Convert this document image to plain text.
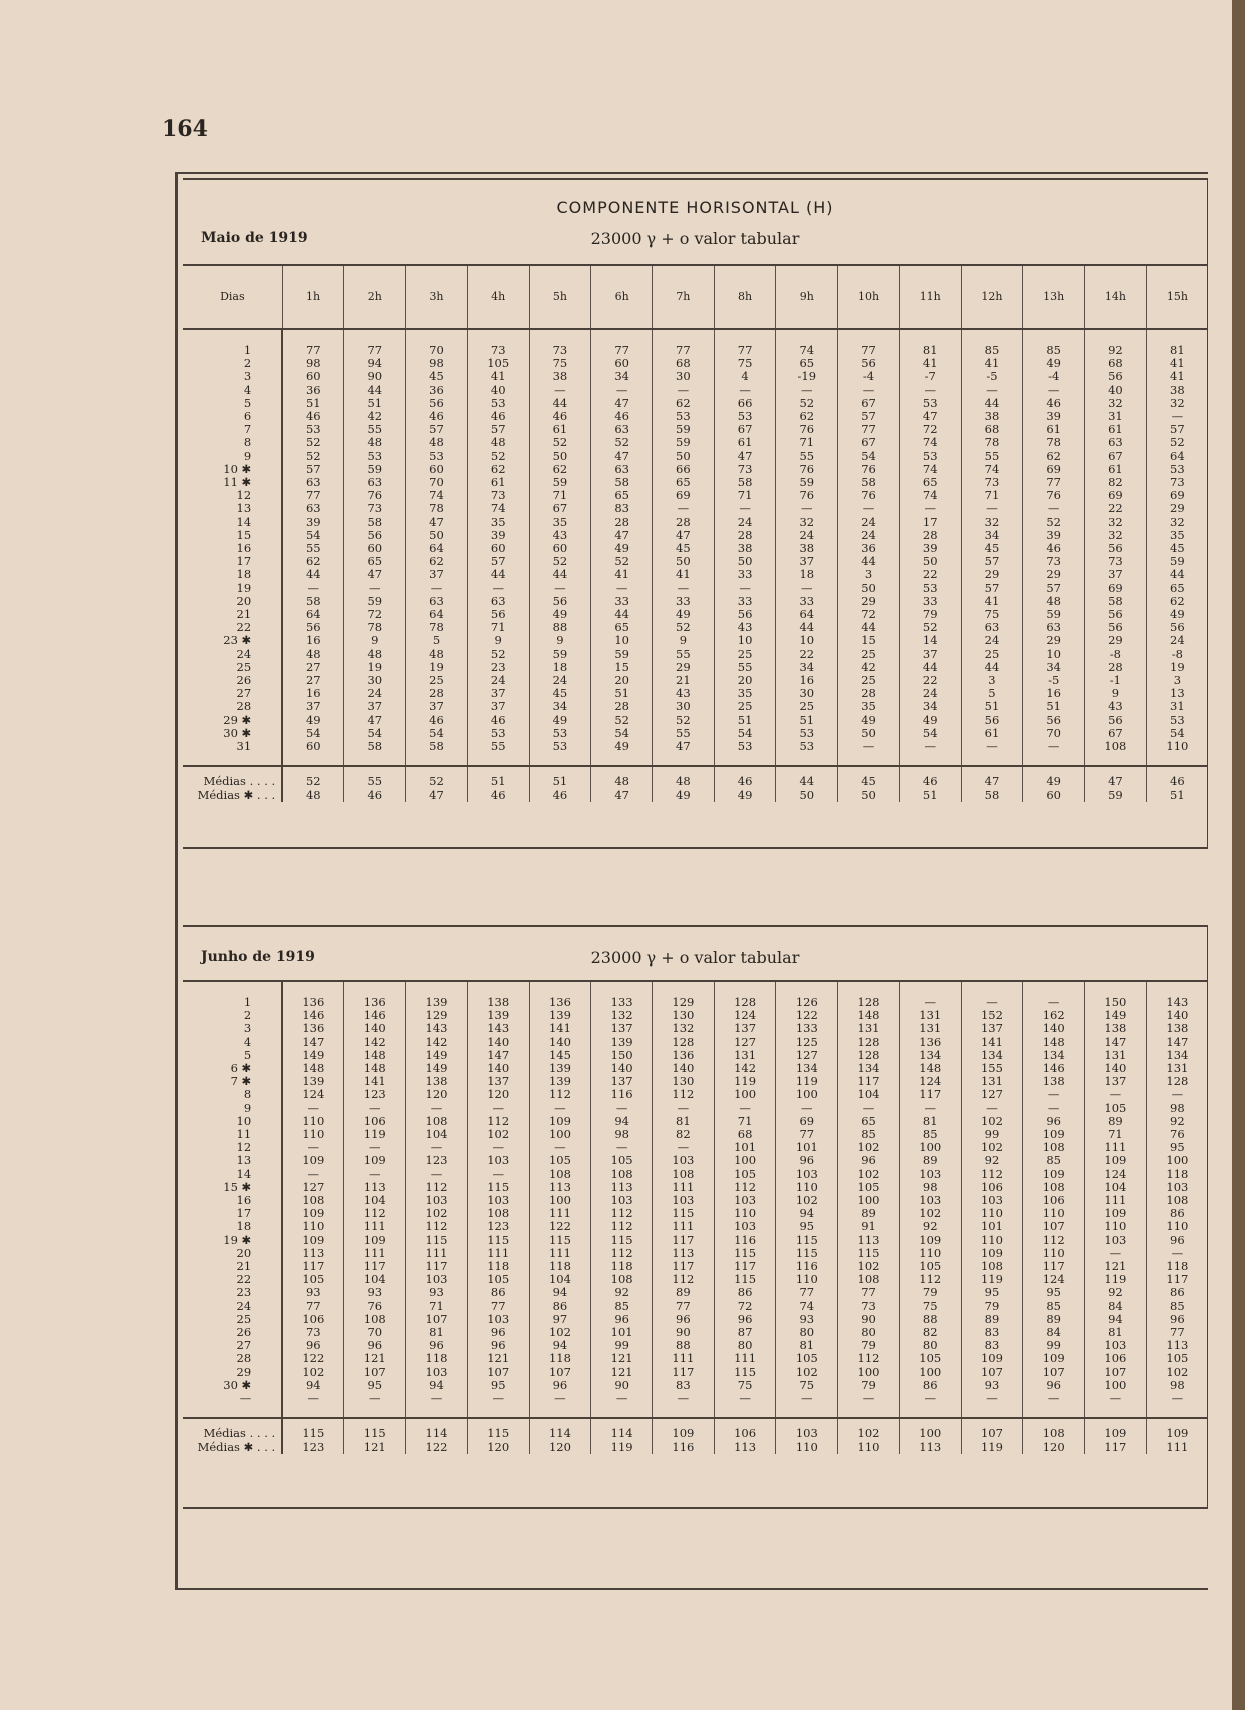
164
COMPONENTE HORISONTAL (H)
Maio de 1919	23000 γ + o valor tabular
Dias	1h	2h	3h	4h	5h	6h	7h	8h	9h	10h	11h	12h	13h	14h	15h
1	77	77	70	73	73	77	77	77	74	77	81	85	85	92	81
2	98	94	98	105	75	60	68	75	65	56	41	41	49	68	41
3	60	90	45	41	38	34	30	4	-19	-4	-7	-5	-4	56	41
4	36	44	36	40	—	—	—	—	—	—	—	—	—	40	38
5	51	51	56	53	44	47	62	66	52	67	53	44	46	32	32
6	46	42	46	46	46	46	53	53	62	57	47	38	39	31	—
7	53	55	57	57	61	63	59	67	76	77	72	68	61	61	57
8	52	48	48	48	52	52	59	61	71	67	74	78	78	63	52
9	52	53	53	52	50	47	50	47	55	54	53	55	62	67	64
10 ✱	57	59	60	62	62	63	66	73	76	76	74	74	69	61	53
11 ✱	63	63	70	61	59	58	65	58	59	58	65	73	77	82	73
12	77	76	74	73	71	65	69	71	76	76	74	71	76	69	69
13	63	73	78	74	67	83	—	—	—	—	—	—	—	22	29
14	39	58	47	35	35	28	28	24	32	24	17	32	52	32	32
15	54	56	50	39	43	47	47	28	24	24	28	34	39	32	35
16	55	60	64	60	60	49	45	38	38	36	39	45	46	56	45
17	62	65	62	57	52	52	50	50	37	44	50	57	73	73	59
18	44	47	37	44	44	41	41	33	18	3	22	29	29	37	44
19	—	—	—	—	—	—	—	—	—	50	53	57	57	69	65
20	58	59	63	63	56	33	33	33	33	29	33	41	48	58	62
21	64	72	64	56	49	44	49	56	64	72	79	75	59	56	49
22	56	78	78	71	88	65	52	43	44	44	52	63	63	56	56
23 ✱	16	9	5	9	9	10	9	10	10	15	14	24	29	29	24
24	48	48	48	52	59	59	55	25	22	25	37	25	10	-8	-8
25	27	19	19	23	18	15	29	55	34	42	44	44	34	28	19
26	27	30	25	24	24	20	21	20	16	25	22	3	-5	-1	3
27	16	24	28	37	45	51	43	35	30	28	24	5	16	9	13
28	37	37	37	37	34	28	30	25	25	35	34	51	51	43	31
29 ✱	49	47	46	46	49	52	52	51	51	49	49	56	56	56	53
30 ✱	54	54	54	53	53	54	55	54	53	50	54	61	70	67	54
31	60	58	58	55	53	49	47	53	53	—	—	—	—	108	110
Médias . . . .	52	55	52	51	51	48	48	46	44	45	46	47	49	47	46
Médias ✱ . . .	48	46	47	46	46	47	49	49	50	50	51	58	60	59	51
Junho de 1919	23000 γ + o valor tabular
1	136	136	139	138	136	133	129	128	126	128	—	—	—	150	143
2	146	146	129	139	139	132	130	124	122	148	131	152	162	149	140
3	136	140	143	143	141	137	132	137	133	131	131	137	140	138	138
4	147	142	142	140	140	139	128	127	125	128	136	141	148	147	147
5	149	148	149	147	145	150	136	131	127	128	134	134	134	131	134
6 ✱	148	148	149	140	139	140	140	142	134	134	148	155	146	140	131
7 ✱	139	141	138	137	139	137	130	119	119	117	124	131	138	137	128
8	124	123	120	120	112	116	112	100	100	104	117	127	—	—	—
9	—	—	—	—	—	—	—	—	—	—	—	—	—	105	98
10	110	106	108	112	109	94	81	71	69	65	81	102	96	89	92
11	110	119	104	102	100	98	82	68	77	85	85	99	109	71	76
12	—	—	—	—	—	—	—	101	101	102	100	102	108	111	95
13	109	109	123	103	105	105	103	100	96	96	89	92	85	109	100
14	—	—	—	—	108	108	108	105	103	102	103	112	109	124	118
15 ✱	127	113	112	115	113	113	111	112	110	105	98	106	108	104	103
16	108	104	103	103	100	103	103	103	102	100	103	103	106	111	108
17	109	112	102	108	111	112	115	110	94	89	102	110	110	109	86
18	110	111	112	123	122	112	111	103	95	91	92	101	107	110	110
19 ✱	109	109	115	115	115	115	117	116	115	113	109	110	112	103	96
20	113	111	111	111	111	112	113	115	115	115	110	109	110	—	—
21	117	117	117	118	118	118	117	117	116	102	105	108	117	121	118
22	105	104	103	105	104	108	112	115	110	108	112	119	124	119	117
23	93	93	93	86	94	92	89	86	77	77	79	95	95	92	86
24	77	76	71	77	86	85	77	72	74	73	75	79	85	84	85
25	106	108	107	103	97	96	96	96	93	90	88	89	89	94	96
26	73	70	81	96	102	101	90	87	80	80	82	83	84	81	77
27	96	96	96	96	94	99	88	80	81	79	80	83	99	103	113
28	122	121	118	121	118	121	111	111	105	112	105	109	109	106	105
29	102	107	103	107	107	121	117	115	102	100	100	107	107	107	102
30 ✱	94	95	94	95	96	90	83	75	75	79	86	93	96	100	98
—	—	—	—	—	—	—	—	—	—	—	—	—	—	—	—
Médias . . . .	115	115	114	115	114	114	109	106	103	102	100	107	108	109	109
Médias ✱ . . .	123	121	122	120	120	119	116	113	110	110	113	119	120	117	111
